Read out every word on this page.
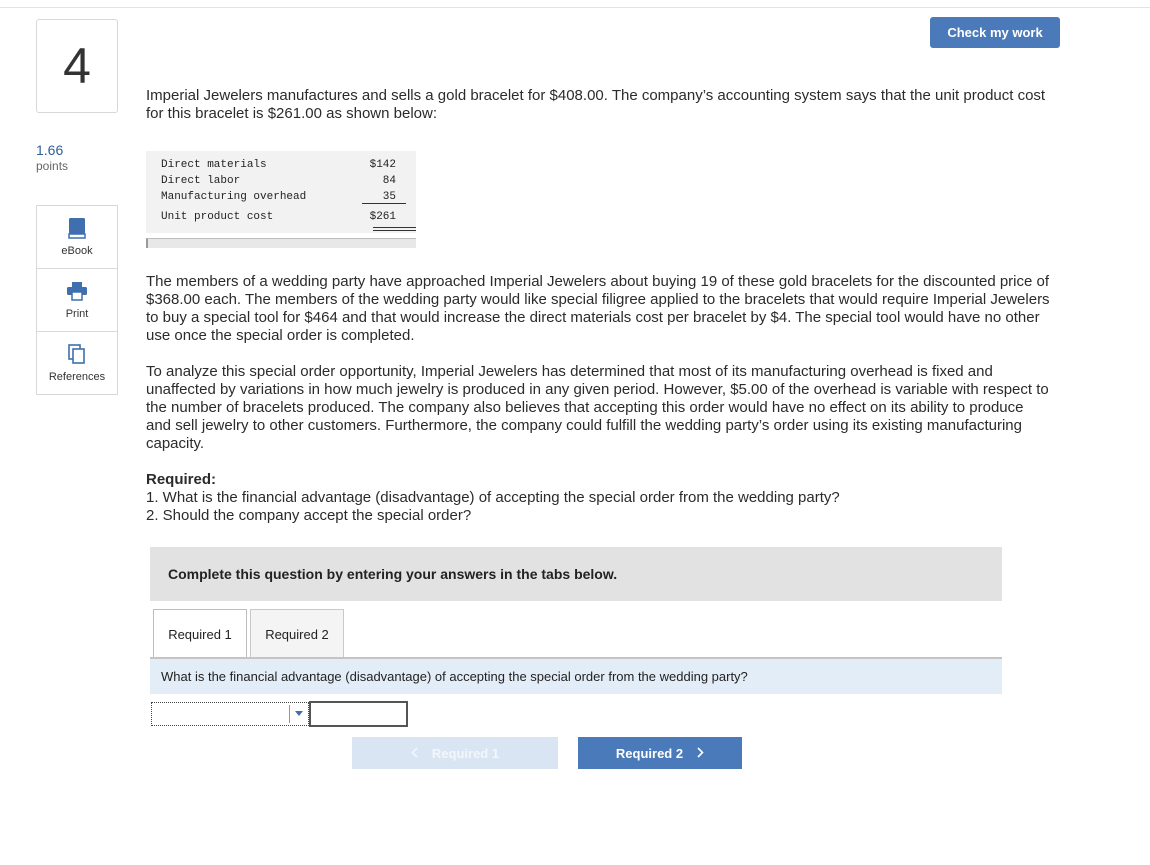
4
1.66
points
eBook
Print
References
Check my work

Imperial Jewelers manufactures and sells a gold bracelet for $408.00. The company’s accounting system says that the unit product cost for this bracelet is $261.00 as shown below:

Direct materials	$142
Direct labor	84
Manufacturing overhead	35
Unit product cost	$261

The members of a wedding party have approached Imperial Jewelers about buying 19 of these gold bracelets for the discounted price of $368.00 each. The members of the wedding party would like special filigree applied to the bracelets that would require Imperial Jewelers to buy a special tool for $464 and that would increase the direct materials cost per bracelet by $4. The special tool would have no other use once the special order is completed.

To analyze this special order opportunity, Imperial Jewelers has determined that most of its manufacturing overhead is fixed and unaffected by variations in how much jewelry is produced in any given period. However, $5.00 of the overhead is variable with respect to the number of bracelets produced. The company also believes that accepting this order would have no effect on its ability to produce and sell jewelry to other customers. Furthermore, the company could fulfill the wedding party’s order using its existing manufacturing capacity.

Required:
1. What is the financial advantage (disadvantage) of accepting the special order from the wedding party?
2. Should the company accept the special order?
Complete this question by entering your answers in the tabs below.
Required 1	Required 2
What is the financial advantage (disadvantage) of accepting the special order from the wedding party?
Required 1	Required 2
